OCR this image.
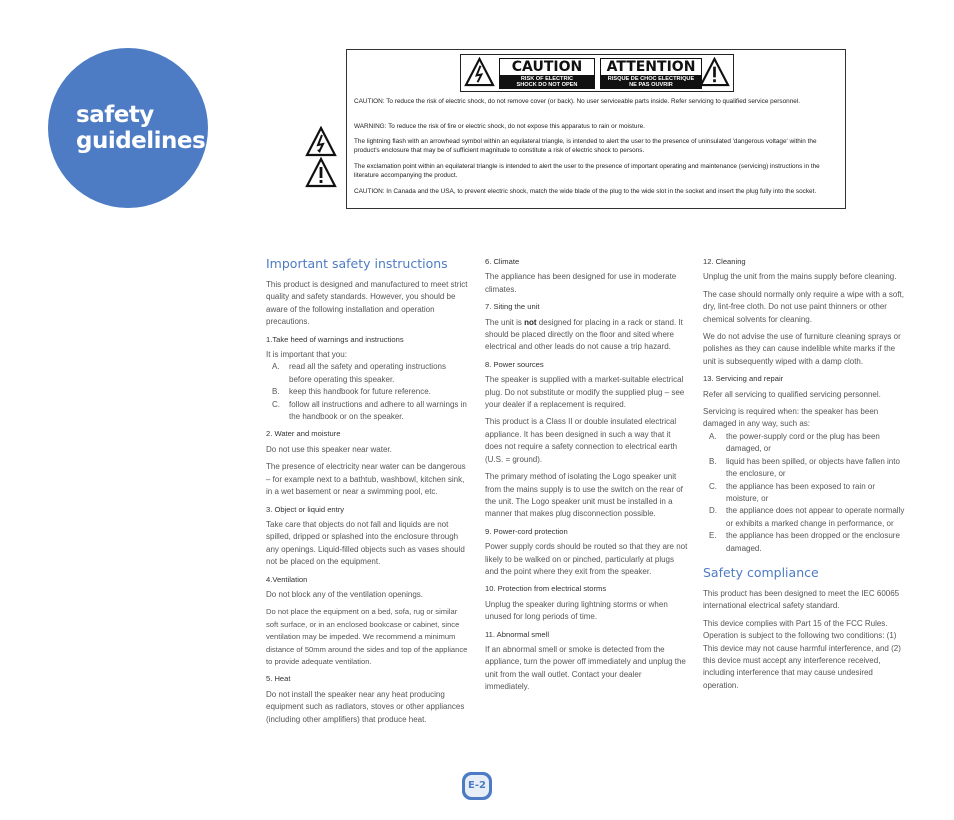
safety
guidelines
CAUTION
RISK OF ELECTRIC
SHOCK DO NOT OPEN
ATTENTION
RISQUE DE CHOC ELECTRIQUE
NE PAS OUVRIR

CAUTION: To reduce the risk of electric shock, do not remove cover (or back). No user serviceable parts inside. Refer servicing to qualified service personnel.

WARNING: To reduce the risk of fire or electric shock, do not expose this apparatus to rain or moisture.

The lightning flash with an arrowhead symbol within an equilateral triangle, is intended to alert the user to the presence of uninsulated 'dangerous voltage' within the product's enclosure that may be of sufficient magnitude to constitute a risk of electric shock to persons.

The exclamation point within an equilateral triangle is intended to alert the user to the presence of important operating and maintenance (servicing) instructions in the literature accompanying the product.

CAUTION: In Canada and the USA, to prevent electric shock, match the wide blade of the plug to the wide slot in the socket and insert the plug fully into the socket.

Important safety instructions

This product is designed and manufactured to meet strict quality and safety standards. However, you should be aware of the following installation and operation precautions.

1.Take heed of warnings and instructions

It is important that you:

A. read all the safety and operating instructions before operating this speaker.
B. keep this handbook for future reference.
C. follow all instructions and adhere to all warnings in the handbook or on the speaker.

2. Water and moisture

Do not use this speaker near water.

The presence of electricity near water can be dangerous – for example next to a bathtub, washbowl, kitchen sink, in a wet basement or near a swimming pool, etc.

3. Object or liquid entry

Take care that objects do not fall and liquids are not spilled, dripped or splashed into the enclosure through any openings. Liquid-filled objects such as vases should not be placed on the equipment.

4.Ventilation

Do not block any of the ventilation openings.

Do not place the equipment on a bed, sofa, rug or similar soft surface, or in an enclosed bookcase or cabinet, since ventilation may be impeded. We recommend a minimum distance of 50mm around the sides and top of the appliance to provide adequate ventilation.

5. Heat

Do not install the speaker near any heat producing equipment such as radiators, stoves or other appliances (including other amplifiers) that produce heat.

6. Climate

The appliance has been designed for use in moderate climates.

7. Siting the unit

The unit is not designed for placing in a rack or stand. It should be placed directly on the floor and sited where electrical and other leads do not cause a trip hazard.

8. Power sources

The speaker is supplied with a market-suitable electrical plug. Do not substitute or modify the supplied plug – see your dealer if a replacement is required.

This product is a Class II or double insulated electrical appliance. It has been designed in such a way that it does not require a safety connection to electrical earth (U.S. = ground).

The primary method of isolating the Logo speaker unit from the mains supply is to use the switch on the rear of the unit. The Logo speaker unit must be installed in a manner that makes plug disconnection possible.

9. Power-cord protection

Power supply cords should be routed so that they are not likely to be walked on or pinched, particularly at plugs and the point where they exit from the speaker.

10. Protection from electrical storms

Unplug the speaker during lightning storms or when unused for long periods of time.

11. Abnormal smell

If an abnormal smell or smoke is detected from the appliance, turn the power off immediately and unplug the unit from the wall outlet. Contact your dealer immediately.

12. Cleaning

Unplug the unit from the mains supply before cleaning.

The case should normally only require a wipe with a soft, dry, lint-free cloth. Do not use paint thinners or other chemical solvents for cleaning.

We do not advise the use of furniture cleaning sprays or polishes as they can cause indelible white marks if the unit is subsequently wiped with a damp cloth.

13. Servicing and repair

Refer all servicing to qualified servicing personnel.

Servicing is required when: the speaker has been damaged in any way, such as:

A. the power-supply cord or the plug has been damaged, or
B. liquid has been spilled, or objects have fallen into the enclosure, or
C. the appliance has been exposed to rain or moisture, or
D. the appliance does not appear to operate normally or exhibits a marked change in performance, or
E. the appliance has been dropped or the enclosure damaged.
Safety compliance

This product has been designed to meet the IEC 60065 international electrical safety standard.

This device complies with Part 15 of the FCC Rules. Operation is subject to the following two conditions: (1) This device may not cause harmful interference, and (2) this device must accept any interference received, including interference that may cause undesired operation.

E-2
